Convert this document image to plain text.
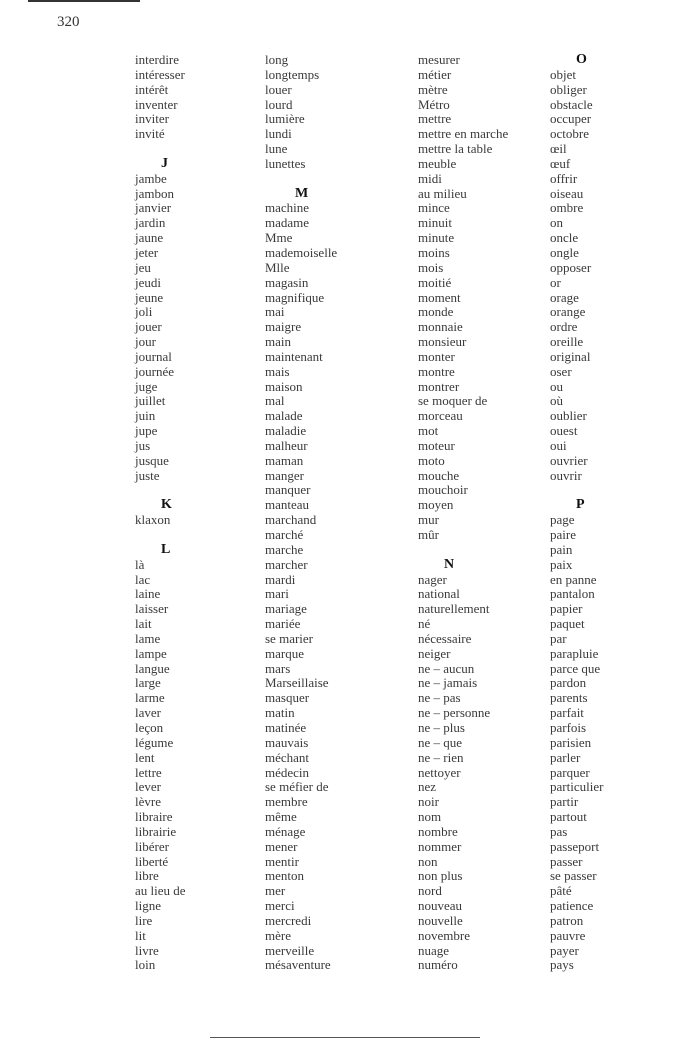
320
interdire
intéresser
intérêt
inventer
inviter
invité
J
jambe
jambon
janvier
jardin
jaune
jeter
jeu
jeudi
jeune
joli
jouer
jour
journal
journée
juge
juillet
juin
jupe
jus
jusque
juste
K
klaxon
L
là
lac
laine
laisser
lait
lame
lampe
langue
large
larme
laver
leçon
légume
lent
lettre
lever
lèvre
libraire
librairie
libérer
liberté
libre
au lieu de
ligne
lire
lit
livre
loin
long
longtemps
louer
lourd
lumière
lundi
lune
lunettes
M
machine
madame
Mme
mademoiselle
Mlle
magasin
magnifique
mai
maigre
main
maintenant
mais
maison
mal
malade
maladie
malheur
maman
manger
manquer
manteau
marchand
marché
marche
marcher
mardi
mari
mariage
mariée
se marier
marque
mars
Marseillaise
masquer
matin
matinée
mauvais
méchant
médecin
se méfier de
membre
même
ménage
mener
mentir
menton
mer
merci
mercredi
mère
merveille
mésaventure
mesurer
métier
mètre
Métro
mettre
mettre en marche
mettre la table
meuble
midi
au milieu
mince
minuit
minute
moins
mois
moitié
moment
monde
monnaie
monsieur
monter
montre
montrer
se moquer de
morceau
mot
moteur
moto
mouche
mouchoir
moyen
mur
mûr
N
nager
national
naturellement
né
nécessaire
neiger
ne – aucun
ne – jamais
ne – pas
ne – personne
ne – plus
ne – que
ne – rien
nettoyer
nez
noir
nom
nombre
nommer
non
non plus
nord
nouveau
nouvelle
novembre
nuage
numéro
O
objet
obliger
obstacle
occuper
octobre
œil
œuf
offrir
oiseau
ombre
on
oncle
ongle
opposer
or
orage
orange
ordre
oreille
original
oser
ou
où
oublier
ouest
oui
ouvrier
ouvrir
P
page
paire
pain
paix
en panne
pantalon
papier
paquet
par
parapluie
parce que
pardon
parents
parfait
parfois
parisien
parler
parquer
particulier
partir
partout
pas
passeport
passer
se passer
pâté
patience
patron
pauvre
payer
pays
